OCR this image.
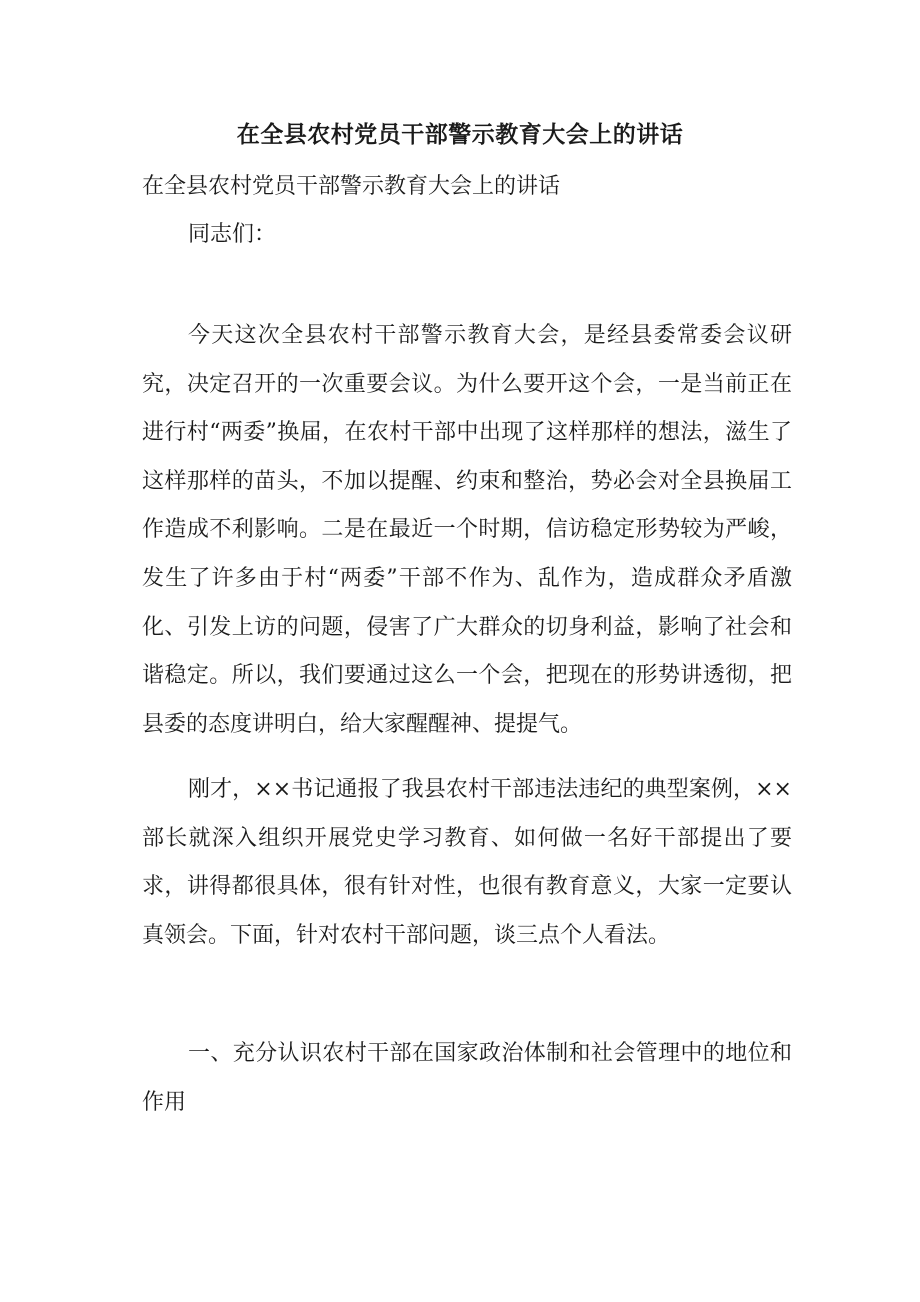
在全县农村党员干部警示教育大会上的讲话

在全县农村党员干部警示教育大会上的讲话

同志们：

今天这次全县农村干部警示教育大会，是经县委常委会议研究，决定召开的一次重要会议。为什么要开这个会，一是当前正在进行村“两委”换届，在农村干部中出现了这样那样的想法，滋生了这样那样的苗头，不加以提醒、约束和整治，势必会对全县换届工作造成不利影响。二是在最近一个时期，信访稳定形势较为严峻，发生了许多由于村“两委”干部不作为、乱作为，造成群众矛盾激化、引发上访的问题，侵害了广大群众的切身利益，影响了社会和谐稳定。所以，我们要通过这么一个会，把现在的形势讲透彻，把县委的态度讲明白，给大家醒醒神、提提气。

刚才，××书记通报了我县农村干部违法违纪的典型案例，××部长就深入组织开展党史学习教育、如何做一名好干部提出了要求，讲得都很具体，很有针对性，也很有教育意义，大家一定要认真领会。下面，针对农村干部问题，谈三点个人看法。

一、充分认识农村干部在国家政治体制和社会管理中的地位和作用
